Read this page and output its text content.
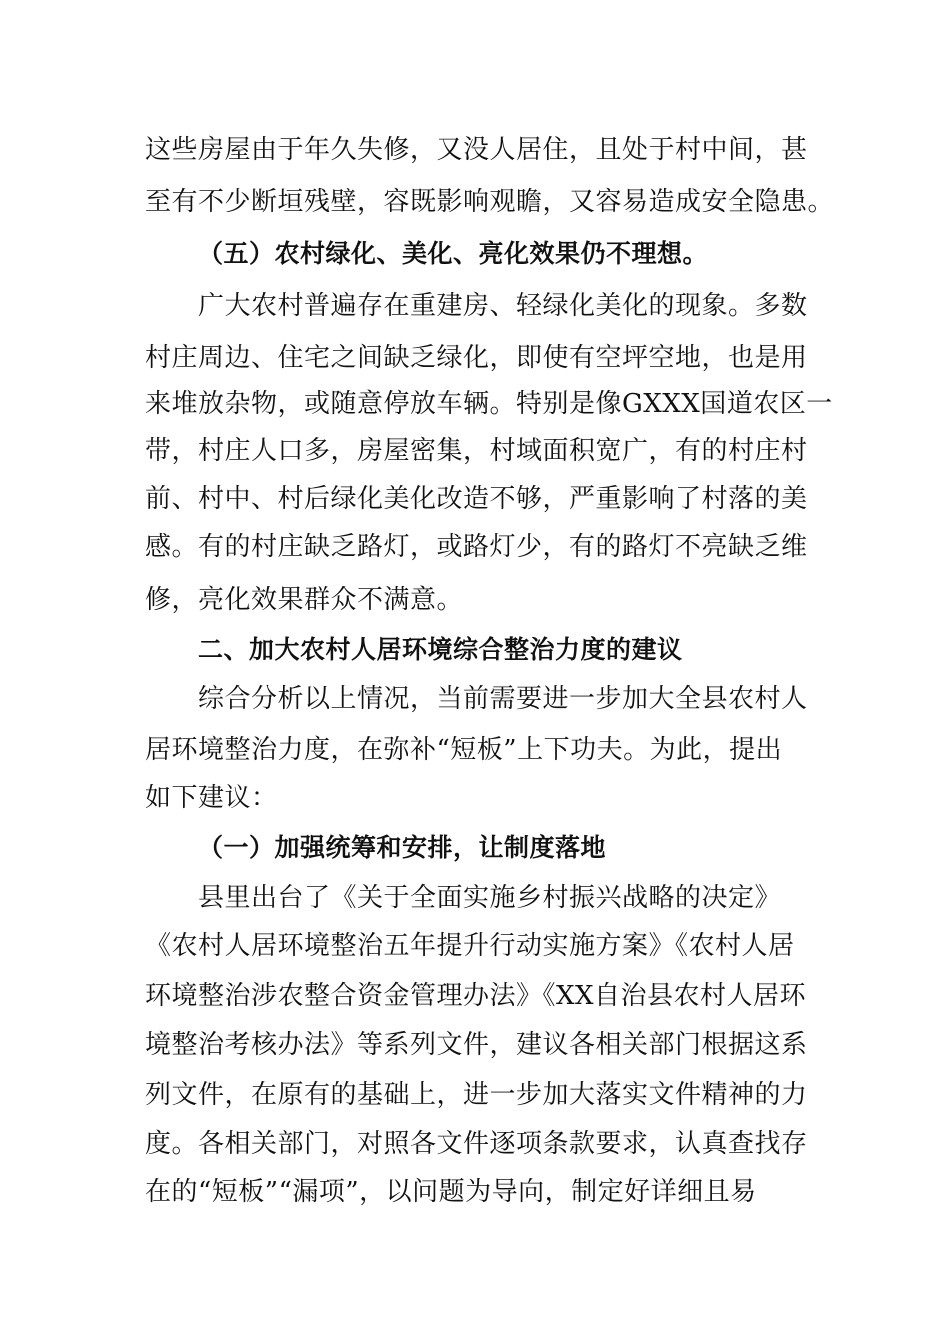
这些房屋由于年久失修，又没人居住，且处于村中间，甚
至有不少断垣残壁，容既影响观瞻，又容易造成安全隐患。
（五）农村绿化、美化、亮化效果仍不理想。
广大农村普遍存在重建房、轻绿化美化的现象。多数
村庄周边、住宅之间缺乏绿化，即使有空坪空地，也是用
来堆放杂物，或随意停放车辆。特别是像GXXX国道农区一
带，村庄人口多，房屋密集，村域面积宽广，有的村庄村
前、村中、村后绿化美化改造不够，严重影响了村落的美
感。有的村庄缺乏路灯，或路灯少，有的路灯不亮缺乏维
修，亮化效果群众不满意。
二、加大农村人居环境综合整治力度的建议
综合分析以上情况，当前需要进一步加大全县农村人
居环境整治力度，在弥补“短板”上下功夫。为此，提出
如下建议：
（一）加强统筹和安排，让制度落地
县里出台了《关于全面实施乡村振兴战略的决定》
《农村人居环境整治五年提升行动实施方案》《农村人居
环境整治涉农整合资金管理办法》《XX自治县农村人居环
境整治考核办法》等系列文件，建议各相关部门根据这系
列文件，在原有的基础上，进一步加大落实文件精神的力
度。各相关部门，对照各文件逐项条款要求，认真查找存
在的“短板”“漏项”，以问题为导向，制定好详细且易
